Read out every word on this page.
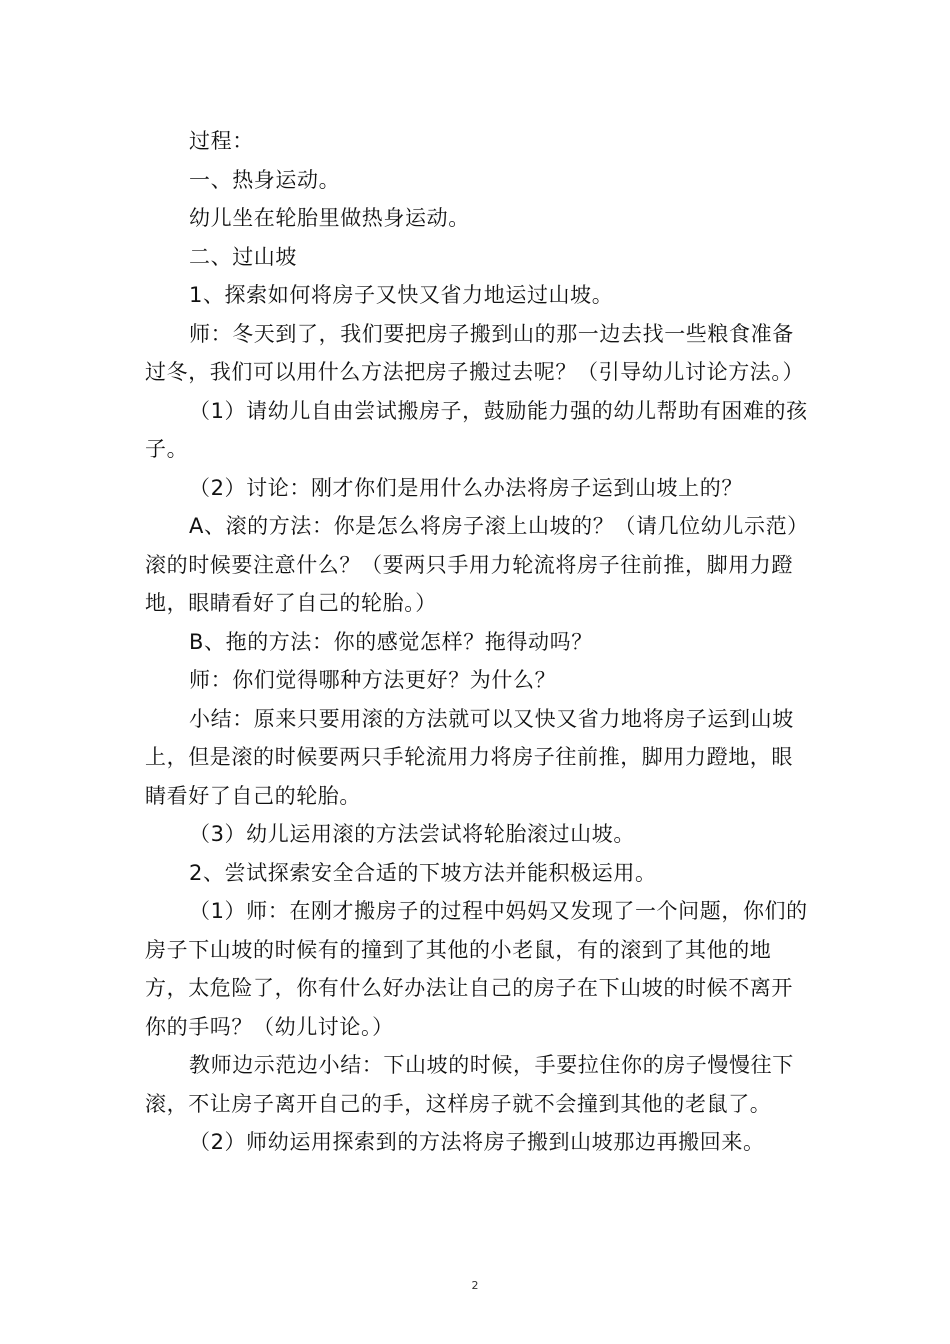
过程：

一、热身运动。

幼儿坐在轮胎里做热身运动。

二、过山坡

1、探索如何将房子又快又省力地运过山坡。

师：冬天到了，我们要把房子搬到山的那一边去找一些粮食准备过冬，我们可以用什么方法把房子搬过去呢？（引导幼儿讨论方法。）

（1）请幼儿自由尝试搬房子，鼓励能力强的幼儿帮助有困难的孩子。

（2）讨论：刚才你们是用什么办法将房子运到山坡上的？

A、滚的方法：你是怎么将房子滚上山坡的？（请几位幼儿示范）滚的时候要注意什么？（要两只手用力轮流将房子往前推，脚用力蹬地，眼睛看好了自己的轮胎。）

B、拖的方法：你的感觉怎样？拖得动吗？

师：你们觉得哪种方法更好？为什么？

小结：原来只要用滚的方法就可以又快又省力地将房子运到山坡上，但是滚的时候要两只手轮流用力将房子往前推，脚用力蹬地，眼睛看好了自己的轮胎。

（3）幼儿运用滚的方法尝试将轮胎滚过山坡。

2、尝试探索安全合适的下坡方法并能积极运用。

（1）师：在刚才搬房子的过程中妈妈又发现了一个问题，你们的房子下山坡的时候有的撞到了其他的小老鼠，有的滚到了其他的地方，太危险了，你有什么好办法让自己的房子在下山坡的时候不离开你的手吗？（幼儿讨论。）

教师边示范边小结：下山坡的时候，手要拉住你的房子慢慢往下滚，不让房子离开自己的手，这样房子就不会撞到其他的老鼠了。

（2）师幼运用探索到的方法将房子搬到山坡那边再搬回来。

2
